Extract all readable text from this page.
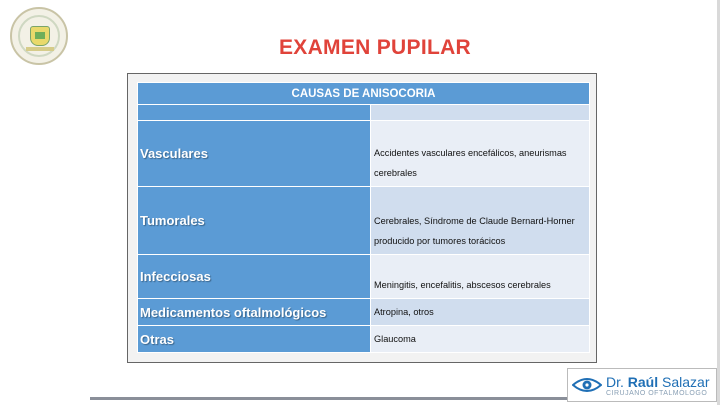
EXAMEN PUPILAR
CAUSAS DE ANISOCORIA	

Vasculares	Accidentes vasculares encefálicos, aneurismas cerebrales
Tumorales	Cerebrales, Síndrome de Claude Bernard-Horner producido por tumores torácicos
Infecciosas	Meningitis, encefalitis, abscesos cerebrales
Medicamentos oftalmológicos	Atropina, otros
Otras	Glaucoma
Dr. Raúl Salazar
CIRUJANO OFTALMÓLOGO
